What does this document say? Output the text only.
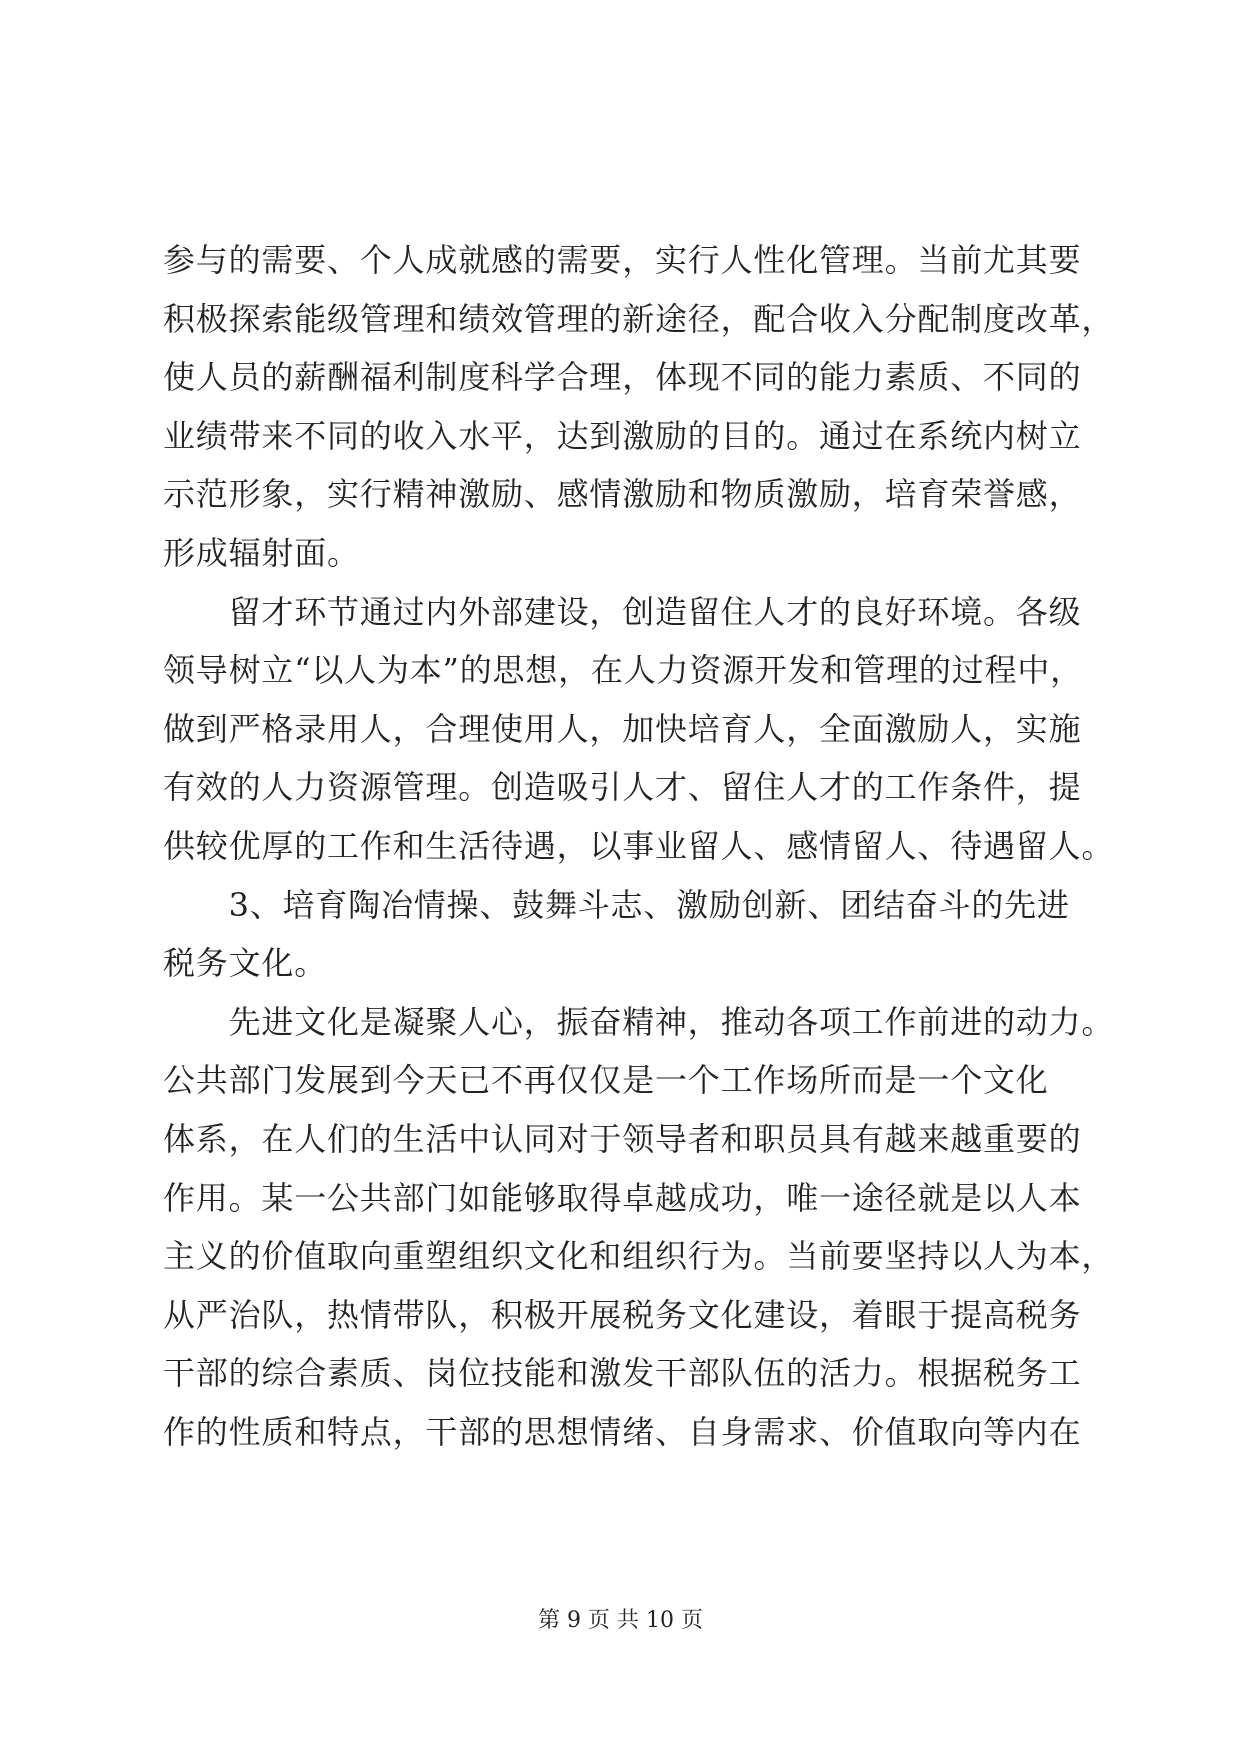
参与的需要、个人成就感的需要，实行人性化管理。当前尤其要
积极探索能级管理和绩效管理的新途径，配合收入分配制度改革，
使人员的薪酬福利制度科学合理，体现不同的能力素质、不同的
业绩带来不同的收入水平，达到激励的目的。通过在系统内树立
示范形象，实行精神激励、感情激励和物质激励，培育荣誉感，
形成辐射面。
　　留才环节通过内外部建设，创造留住人才的良好环境。各级
领导树立“以人为本”的思想，在人力资源开发和管理的过程中，
做到严格录用人，合理使用人，加快培育人，全面激励人，实施
有效的人力资源管理。创造吸引人才、留住人才的工作条件，提
供较优厚的工作和生活待遇，以事业留人、感情留人、待遇留人。
　　3、培育陶冶情操、鼓舞斗志、激励创新、团结奋斗的先进
税务文化。
　　先进文化是凝聚人心，振奋精神，推动各项工作前进的动力。
公共部门发展到今天已不再仅仅是一个工作场所而是一个文化
体系，在人们的生活中认同对于领导者和职员具有越来越重要的
作用。某一公共部门如能够取得卓越成功，唯一途径就是以人本
主义的价值取向重塑组织文化和组织行为。当前要坚持以人为本，
从严治队，热情带队，积极开展税务文化建设，着眼于提高税务
干部的综合素质、岗位技能和激发干部队伍的活力。根据税务工
作的性质和特点，干部的思想情绪、自身需求、价值取向等内在
第 9 页 共 10 页
